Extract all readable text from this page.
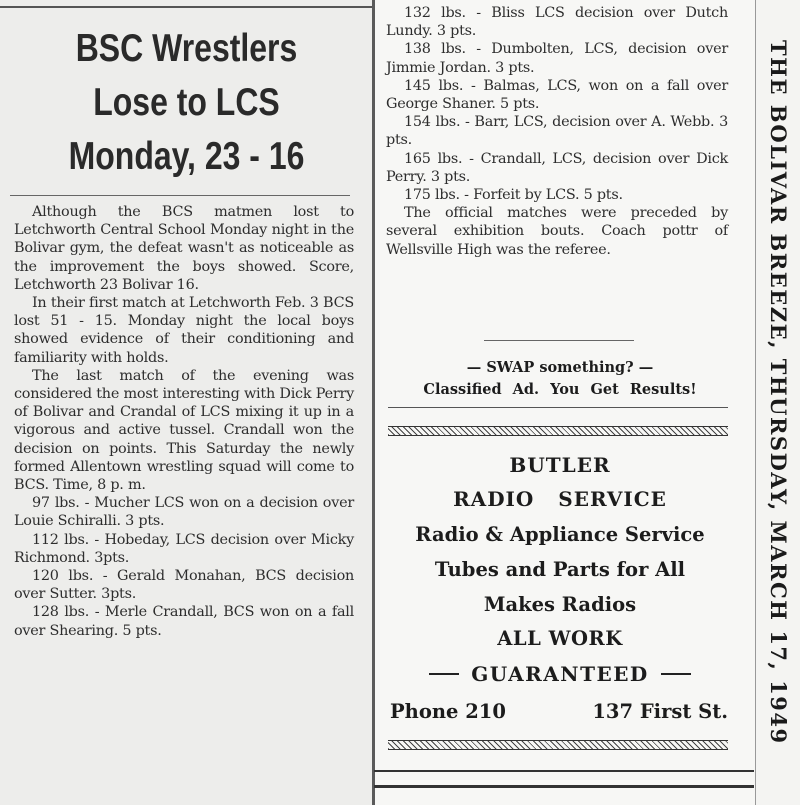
BSC Wrestlers
Lose to LCS
Monday, 23 - 16

Although the BCS matmen lost to Letchworth Central School Monday night in the Bolivar gym, the defeat wasn't as noticeable as the improvement the boys showed. Score, Letchworth 23 Bolivar 16.

In their first match at Letchworth Feb. 3 BCS lost 51 - 15. Monday night the local boys showed evidence of their conditioning and familiarity with holds.

The last match of the evening was considered the most interesting with Dick Perry of Bolivar and Crandal of LCS mixing it up in a vigorous and active tussel. Crandall won the decision on points. This Saturday the newly formed Allentown wrestling squad will come to BCS. Time, 8 p. m.

97 lbs. - Mucher LCS won on a decision over Louie Schiralli. 3 pts.

112 lbs. - Hobeday, LCS decision over Micky Richmond. 3pts.

120 lbs. - Gerald Monahan, BCS decision over Sutter. 3pts.

128 lbs. - Merle Crandall, BCS won on a fall over Shearing. 5 pts.

132 lbs. - Bliss LCS decision over Dutch Lundy. 3 pts.

138 lbs. - Dumbolten, LCS, decision over Jimmie Jordan. 3 pts.

145 lbs. - Balmas, LCS, won on a fall over George Shaner. 5 pts.

154 lbs. - Barr, LCS, decision over A. Webb. 3 pts.

165 lbs. - Crandall, LCS, decision over Dick Perry. 3 pts.

175 lbs. - Forfeit by LCS. 5 pts.

The official matches were preceded by several exhibition bouts. Coach pottr of Wellsville High was the referee.

— SWAP something? —
Classified Ad. You Get Results!
BUTLER
RADIO SERVICE
Radio & Appliance Service
Tubes and Parts for All
Makes Radios
ALL WORK
GUARANTEED
Phone 210	137 First St. THE BOLIVAR BREEZE, THURSDAY, MARCH 17, 1949
